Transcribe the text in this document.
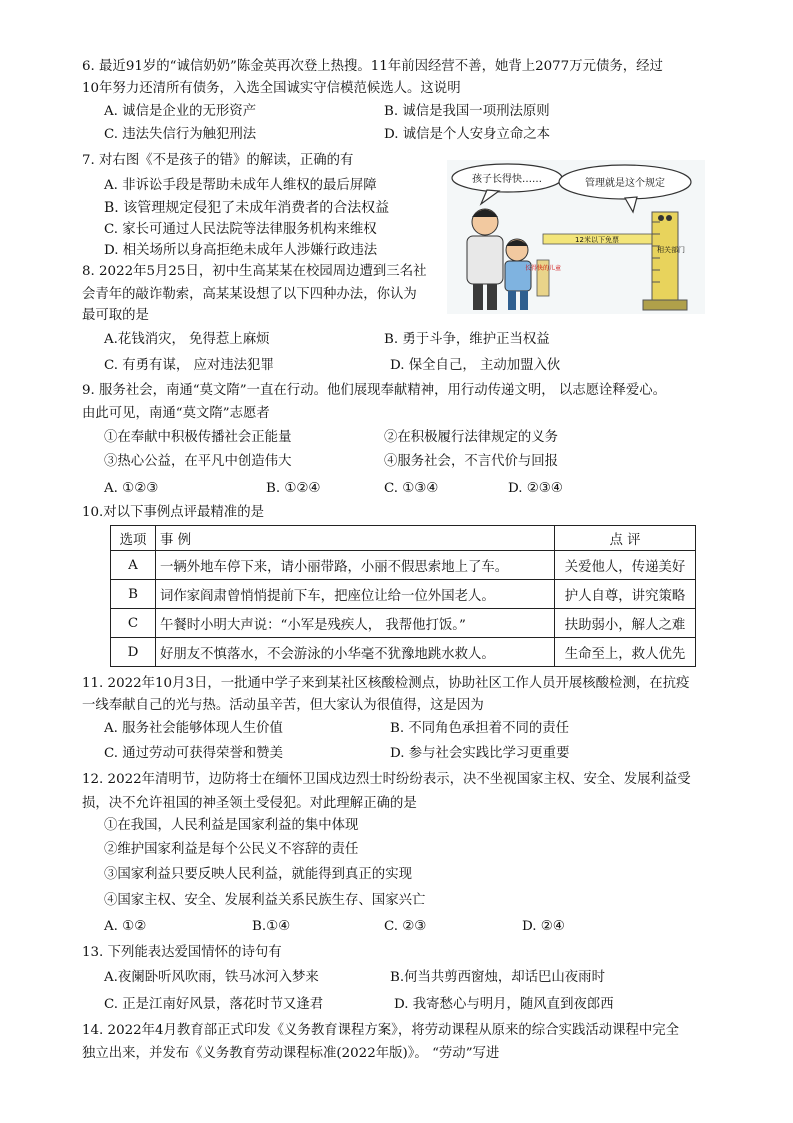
6. 最近91岁的“诚信奶奶”陈金英再次登上热搜。11年前因经营不善，她背上2077万元债务，经过
10年努力还清所有债务，入选全国诚实守信模范候选人。这说明
A. 诚信是企业的无形资产	B. 诚信是我国一项刑法原则
C. 违法失信行为触犯刑法	D. 诚信是个人安身立命之本
7. 对右图《不是孩子的错》的解读，正确的有
A. 非诉讼手段是帮助未成年人维权的最后屏障
B. 该管理规定侵犯了未成年消费者的合法权益
C. 家长可通过人民法院等法律服务机构来维权
D. 相关场所以身高拒绝未成年人涉嫌行政违法
孩子长得快……	管理就是这个规定
长得快的儿童
12米以下免票
相关部门
8. 2022年5月25日，初中生高某某在校园周边遭到三名社
会青年的敲诈勒索，高某某设想了以下四种办法，你认为
最可取的是
A.花钱消灾， 免得惹上麻烦	B. 勇于斗争，维护正当权益
C. 有勇有谋， 应对违法犯罪	D. 保全自己， 主动加盟入伙
9. 服务社会，南通“莫文隋”一直在行动。他们展现奉献精神，用行动传递文明， 以志愿诠释爱心。
由此可见，南通“莫文隋”志愿者
①在奉献中积极传播社会正能量	②在积极履行法律规定的义务
③热心公益，在平凡中创造伟大	④服务社会，不言代价与回报
A. ①②③	B. ①②④	C. ①③④	D. ②③④
10.对以下事例点评最精准的是
选项	事 例	点 评
A	一辆外地车停下来，请小丽带路，小丽不假思索地上了车。	关爱他人，传递美好
B	词作家阎肃曾悄悄提前下车，把座位让给一位外国老人。	护人自尊，讲究策略
C	午餐时小明大声说：“小军是残疾人， 我帮他打饭。”	扶助弱小，解人之难
D	好朋友不慎落水，不会游泳的小华毫不犹豫地跳水救人。	生命至上，救人优先
11. 2022年10月3日，一批通中学子来到某社区核酸检测点，协助社区工作人员开展核酸检测，在抗疫
一线奉献自己的光与热。活动虽辛苦，但大家认为很值得，这是因为
A. 服务社会能够体现人生价值	B. 不同角色承担着不同的责任
C. 通过劳动可获得荣誉和赞美	D. 参与社会实践比学习更重要
12. 2022年清明节，边防将士在缅怀卫国戍边烈士时纷纷表示，决不坐视国家主权、安全、发展利益受
损，决不允许祖国的神圣领土受侵犯。对此理解正确的是
①在我国，人民利益是国家利益的集中体现
②维护国家利益是每个公民义不容辞的责任
③国家利益只要反映人民利益，就能得到真正的实现
④国家主权、安全、发展利益关系民族生存、国家兴亡
A. ①②	B.①④	C. ②③	D. ②④
13. 下列能表达爱国情怀的诗句有
A.夜阑卧听风吹雨，铁马冰河入梦来	B.何当共剪西窗烛，却话巴山夜雨时
C. 正是江南好风景，落花时节又逢君	D. 我寄愁心与明月，随风直到夜郎西
14. 2022年4月教育部正式印发《义务教育课程方案》，将劳动课程从原来的综合实践活动课程中完全
独立出来，并发布《义务教育劳动课程标准(2022年版)》。 “劳动”写进
